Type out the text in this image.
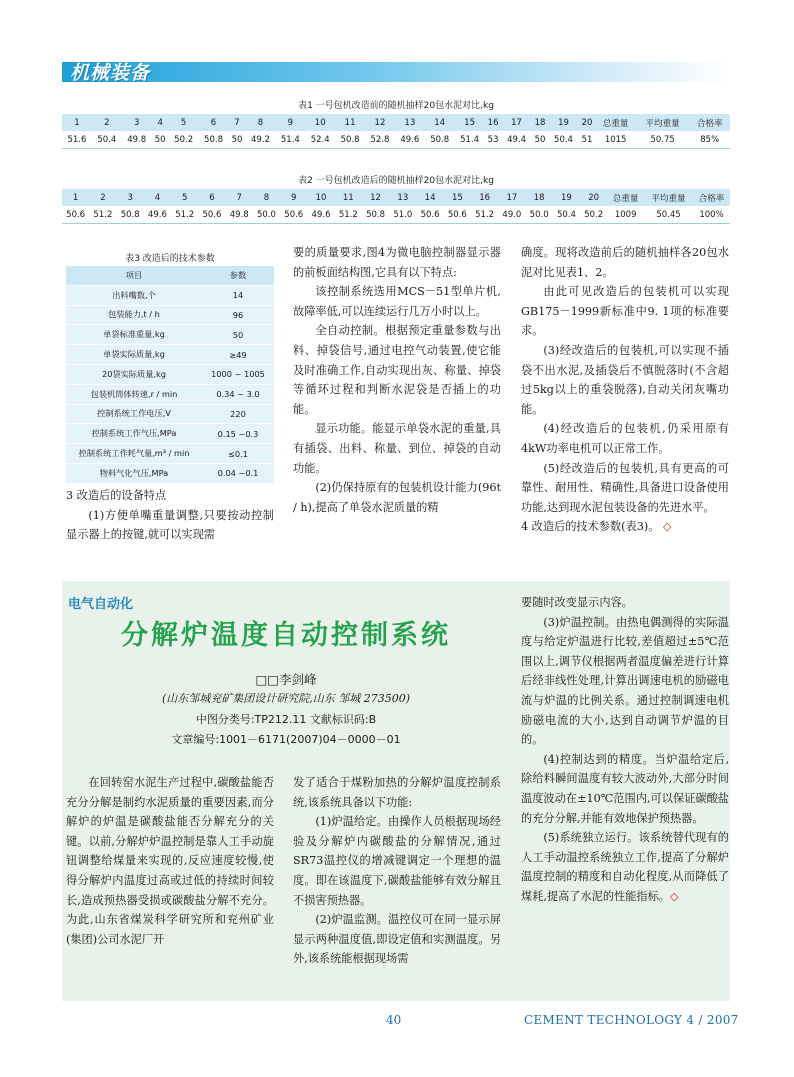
机械装备
表1 一号包机改造前的随机抽样20包水泥对比,kg
1	2	3	4	5	6	7	8	9	10	11	12	13	14	15	16	17	18	19	20	总重量	平均重量	合格率
51.6	50.4	49.8	50	50.2	50.8	50	49.2	51.4	52.4	50.8	52.8	49.6	50.8	51.4	53	49.4	50	50.4	51	1015	50.75	85%
表2 一号包机改造后的随机抽样20包水泥对比,kg
1	2	3	4	5	6	7	8	9	10	11	12	13	14	15	16	17	18	19	20	总重量	平均重量	合格率
50.6	51.2	50.8	49.6	51.2	50.6	49.8	50.0	50.6	49.6	51.2	50.8	51.0	50.6	50.6	51.2	49.0	50.0	50.4	50.2	1009	50.45	100%
表3 改造后的技术参数
项目	参数
出料嘴数,个	14
包装能力,t / h	96
单袋标准重量,kg	50
单袋实际质量,kg	≥49
20袋实际质量,kg	1000 ~ 1005
包装机筒体转速,r / min	0.34 ~ 3.0
控制系统工作电压,V	220
控制系统工作气压,MPa	0.15 ~0.3
控制系统工作耗气量,m³ / min	≤0.1
物料气化气压,MPa	0.04 ~0.1

3 改造后的设备特点

(1)方便单嘴重量调整,只要按动控制显示器上的按键,就可以实现需

要的质量要求,图4为微电脑控制器显示器的前板面结构图,它具有以下特点:

该控制系统选用MCS－51型单片机,故障率低,可以连续运行几万小时以上。

全自动控制。根据预定重量参数与出料、掉袋信号,通过电控气动装置,使它能及时准确工作,自动实现出灰、称量、掉袋等循环过程和判断水泥袋是否插上的功能。

显示功能。能显示单袋水泥的重量,具有插袋、出料、称量、到位、掉袋的自动功能。

(2)仍保持原有的包装机设计能力(96t / h),提高了单袋水泥质量的精

确度。现将改造前后的随机抽样各20包水泥对比见表1、2。

由此可见改造后的包装机可以实现GB175－1999新标准中9. 1项的标准要求。

(3)经改造后的包装机,可以实现不插袋不出水泥,及插袋后不慎脱落时(不含超过5kg以上的重袋脱落),自动关闭灰嘴功能。

(4)经改造后的包装机,仍采用原有4kW功率电机可以正常工作。

(5)经改造后的包装机,具有更高的可靠性、耐用性、精确性,具备进口设备使用功能,达到现水泥包装设备的先进水平。

4 改造后的技术参数(表3)。 ◇

电气自动化
分解炉温度自动控制系统
□□李剑峰
(山东邹城兖矿集团设计研究院,山东 邹城 273500)
中图分类号:TP212.11 文献标识码:B
文章编号:1001－6171(2007)04－0000－01

在回转窑水泥生产过程中,碳酸盐能否充分分解是制约水泥质量的重要因素,而分解炉的炉温是碳酸盐能否分解充分的关键。以前,分解炉炉温控制是靠人工手动旋钮调整给煤量来实现的,反应速度较慢,使得分解炉内温度过高或过低的持续时间较长,造成预热器受损或碳酸盐分解不充分。为此,山东省煤炭科学研究所和兖州矿业(集团)公司水泥厂开

发了适合于煤粉加热的分解炉温度控制系统,该系统具备以下功能:

(1)炉温给定。由操作人员根据现场经验及分解炉内碳酸盐的分解情况,通过SR73温控仪的增减键调定一个理想的温度。即在该温度下,碳酸盐能够有效分解且不损害预热器。

(2)炉温监测。温控仪可在同一显示屏显示两种温度值,即设定值和实测温度。另外,该系统能根据现场需

要随时改变显示内容。

(3)炉温控制。由热电偶测得的实际温度与给定炉温进行比较,差值超过±5℃范围以上,调节仪根据两者温度偏差进行计算后经非线性处理,计算出调速电机的励磁电流与炉温的比例关系。通过控制调速电机励磁电流的大小,达到自动调节炉温的目的。

(4)控制达到的精度。当炉温给定后,除给料瞬间温度有较大波动外,大部分时间温度波动在±10℃范围内,可以保证碳酸盐的充分分解,并能有效地保护预热器。

(5)系统独立运行。该系统替代现有的人工手动温控系统独立工作,提高了分解炉温度控制的精度和自动化程度,从而降低了煤耗,提高了水泥的性能指标。◇

40	CEMENT TECHNOLOGY 4 / 2007
